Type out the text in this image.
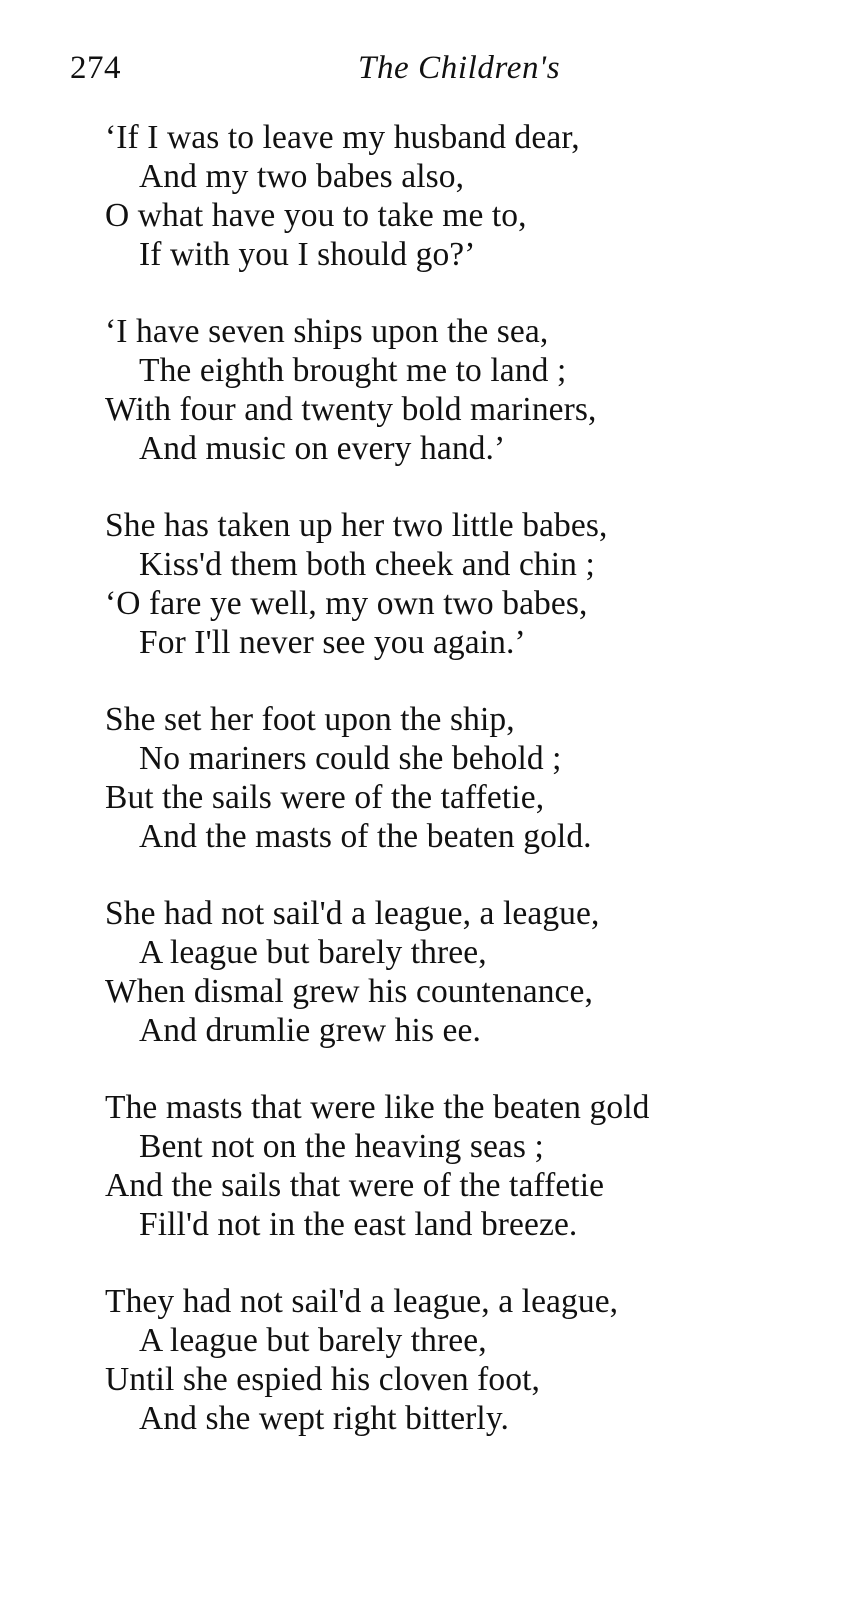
274	The Children's
‘If I was to leave my husband dear,
And my two babes also,
O what have you to take me to,
If with you I should go?’
‘I have seven ships upon the sea,
The eighth brought me to land ;
With four and twenty bold mariners,
And music on every hand.’
She has taken up her two little babes,
Kiss'd them both cheek and chin ;
‘O fare ye well, my own two babes,
For I'll never see you again.’
She set her foot upon the ship,
No mariners could she behold ;
But the sails were of the taffetie,
And the masts of the beaten gold.
She had not sail'd a league, a league,
A league but barely three,
When dismal grew his countenance,
And drumlie grew his ee.
The masts that were like the beaten gold
Bent not on the heaving seas ;
And the sails that were of the taffetie
Fill'd not in the east land breeze.
They had not sail'd a league, a league,
A league but barely three,
Until she espied his cloven foot,
And she wept right bitterly.
